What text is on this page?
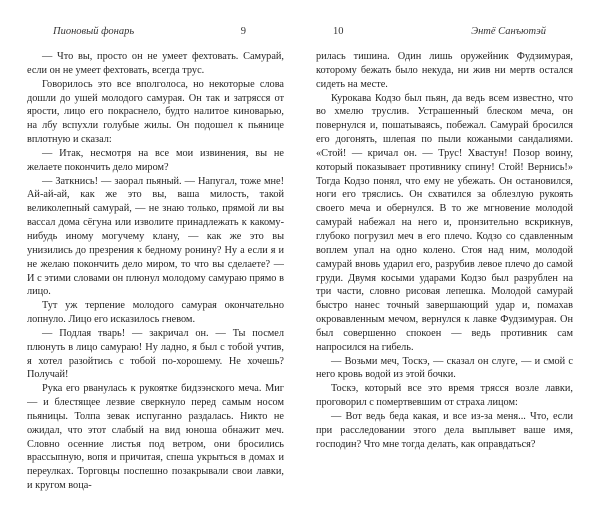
Пионовый фонарь	9

— Что вы, просто он не умеет фехтовать. Самурай, если он не умеет фехтовать, всегда трус.

Говорилось это все вполголоса, но некоторые слова дошли до ушей молодого самурая. Он так и затрясся от ярости, лицо его покраснело, будто налитое киноварью, на лбу вспухли голубые жилы. Он подошел к пьянице вплотную и сказал:

— Итак, несмотря на все мои извинения, вы не желаете покончить дело миром?

— Заткнись! — заорал пьяный. — Напугал, тоже мне! Ай-ай-ай, как же это вы, ваша милость, такой великолепный самурай, — не знаю только, прямой ли вы вассал дома сёгуна или изволите принадлежать к какому-нибудь иному могучему клану, — как же это вы унизились до презрения к бедному ронину? Ну а если я и не желаю покончить дело миром, то что вы сделаете? — И с этими словами он плюнул молодому самураю прямо в лицо.

Тут уж терпение молодого самурая окончательно лопнуло. Лицо его исказилось гневом.

— Подлая тварь! — закричал он. — Ты посмел плюнуть в лицо самураю! Ну ладно, я был с тобой учтив, я хотел разойтись с тобой по-хорошему. Не хочешь? Получай!

Рука его рванулась к рукоятке бидзэнского меча. Миг — и блестящее лезвие сверкнуло перед самым носом пьяницы. Толпа зевак испуганно раздалась. Никто не ожидал, что этот слабый на вид юноша обнажит меч. Словно осенние листья под ветром, они бросились врассыпную, вопя и причитая, спеша укрыться в домах и переулках. Торговцы поспешно позакрывали свои лавки, и кругом воца-

10	Энтё Санъютэй

рилась тишина. Один лишь оружейник Фудзимурая, которому бежать было некуда, ни жив ни мертв остался сидеть на месте.

Курокава Кодзо был пьян, да ведь всем известно, что во хмелю труслив. Устрашенный блеском меча, он повернулся и, пошатываясь, побежал. Самурай бросился его догонять, шлепая по пыли кожаными сандалиями. «Стой! — кричал он. — Трус! Хвастун! Позор воину, который показывает противнику спину! Стой! Вернись!» Тогда Кодзо понял, что ему не убежать. Он остановился, ноги его тряслись. Он схватился за облезлую рукоять своего меча и обернулся. В то же мгновение молодой самурай набежал на него и, пронзительно вскрикнув, глубоко погрузил меч в его плечо. Кодзо со сдавленным воплем упал на одно колено. Стоя над ним, молодой самурай вновь ударил его, разрубив левое плечо до самой груди. Двумя косыми ударами Кодзо был разрублен на три части, словно рисовая лепешка. Молодой самурай быстро нанес точный завершающий удар и, помахав окровавленным мечом, вернулся к лавке Фудзимурая. Он был совершенно спокоен — ведь противник сам напросился на гибель.

— Возьми меч, Тоскэ, — сказал он слуге, — и смой с него кровь водой из этой бочки.

Тоскэ, который все это время трясся возле лавки, проговорил с помертвевшим от страха лицом:

— Вот ведь беда какая, и все из-за меня... Что, если при расследовании этого дела выплывет ваше имя, господин? Что мне тогда делать, как оправдаться?
